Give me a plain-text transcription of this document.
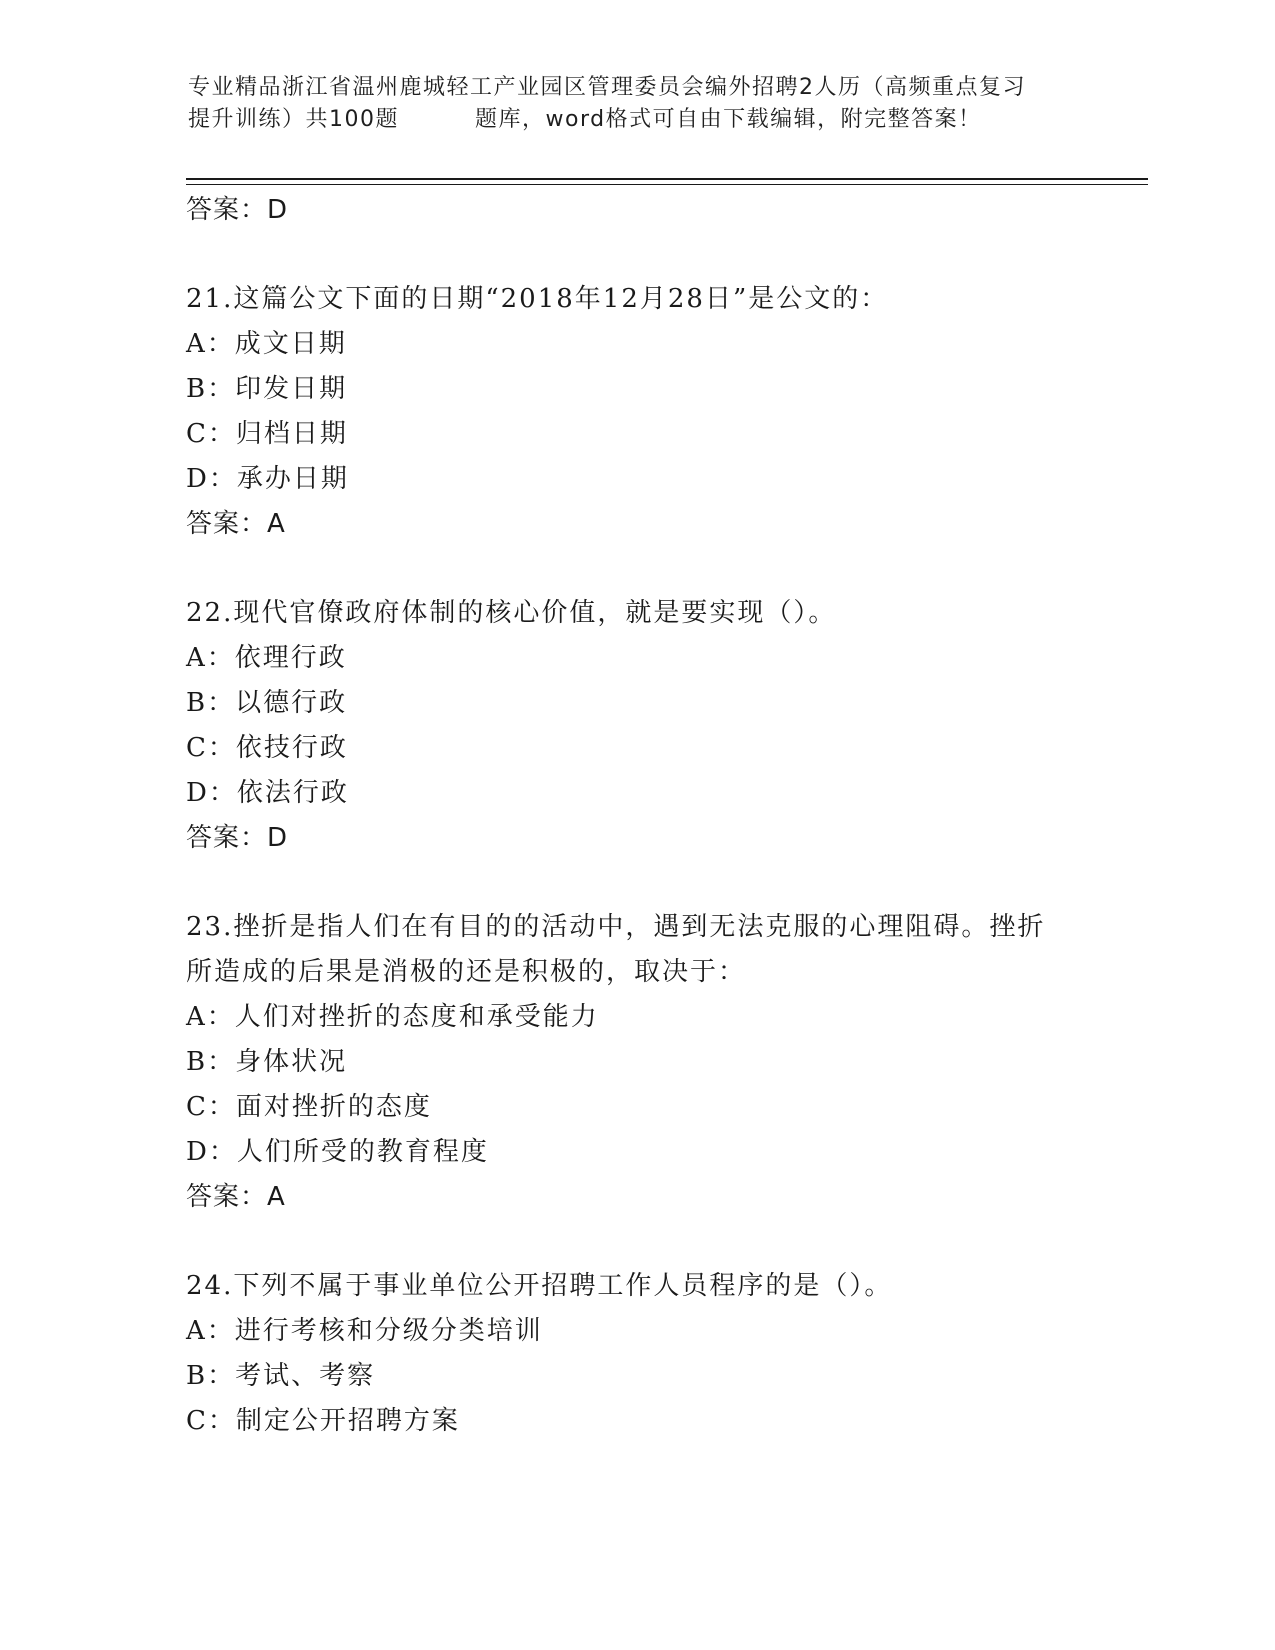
专业精品浙江省温州鹿城轻工产业园区管理委员会编外招聘2人历（高频重点复习
提升训练）共100题	题库，word格式可自由下载编辑，附完整答案！
答案：D
21.这篇公文下面的日期“2018年12月28日”是公文的：
A：成文日期
B：印发日期
C：归档日期
D：承办日期
答案：A
22.现代官僚政府体制的核心价值，就是要实现（）。
A：依理行政
B：以德行政
C：依技行政
D：依法行政
答案：D
23.挫折是指人们在有目的的活动中，遇到无法克服的心理阻碍。挫折
所造成的后果是消极的还是积极的，取决于：
A：人们对挫折的态度和承受能力
B：身体状况
C：面对挫折的态度
D：人们所受的教育程度
答案：A
24.下列不属于事业单位公开招聘工作人员程序的是（）。
A：进行考核和分级分类培训
B：考试、考察
C：制定公开招聘方案
